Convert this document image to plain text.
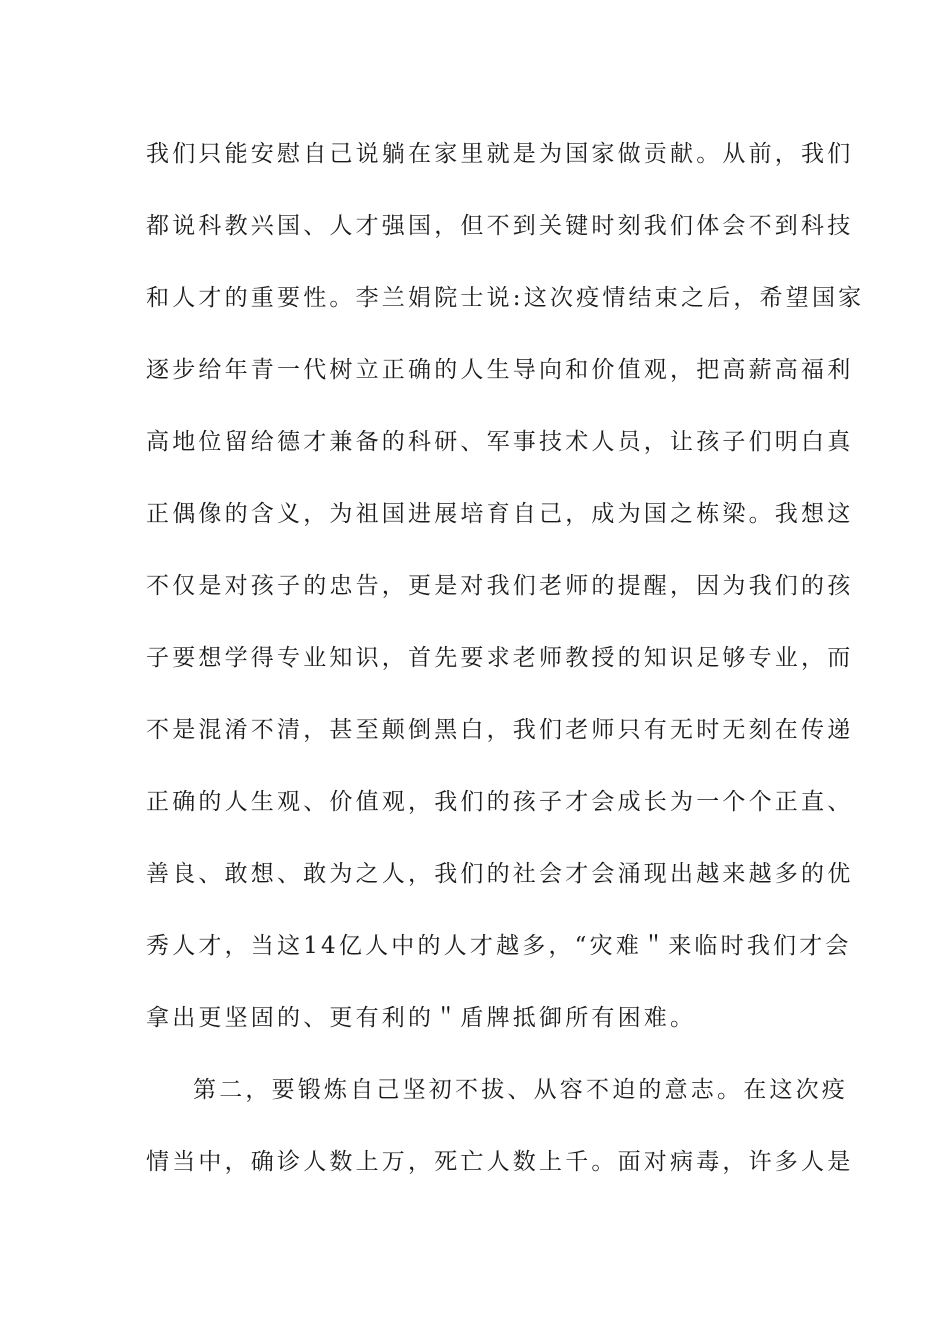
我们只能安慰自己说躺在家里就是为国家做贡献。从前，我们
都说科教兴国、人才强国，但不到关键时刻我们体会不到科技
和人才的重要性。李兰娟院士说:这次疫情结束之后，希望国家
逐步给年青一代树立正确的人生导向和价值观，把高薪高福利
高地位留给德才兼备的科研、军事技术人员，让孩子们明白真
正偶像的含义，为祖国进展培育自己，成为国之栋梁。我想这
不仅是对孩子的忠告，更是对我们老师的提醒，因为我们的孩
子要想学得专业知识，首先要求老师教授的知识足够专业，而
不是混淆不清，甚至颠倒黑白，我们老师只有无时无刻在传递
正确的人生观、价值观，我们的孩子才会成长为一个个正直、
善良、敢想、敢为之人，我们的社会才会涌现出越来越多的优
秀人才，当这14亿人中的人才越多，“灾难＂来临时我们才会
拿出更坚固的、更有利的＂盾牌抵御所有困难。
第二，要锻炼自己坚初不拔、从容不迫的意志。在这次疫
情当中，确诊人数上万，死亡人数上千。面对病毒，许多人是
